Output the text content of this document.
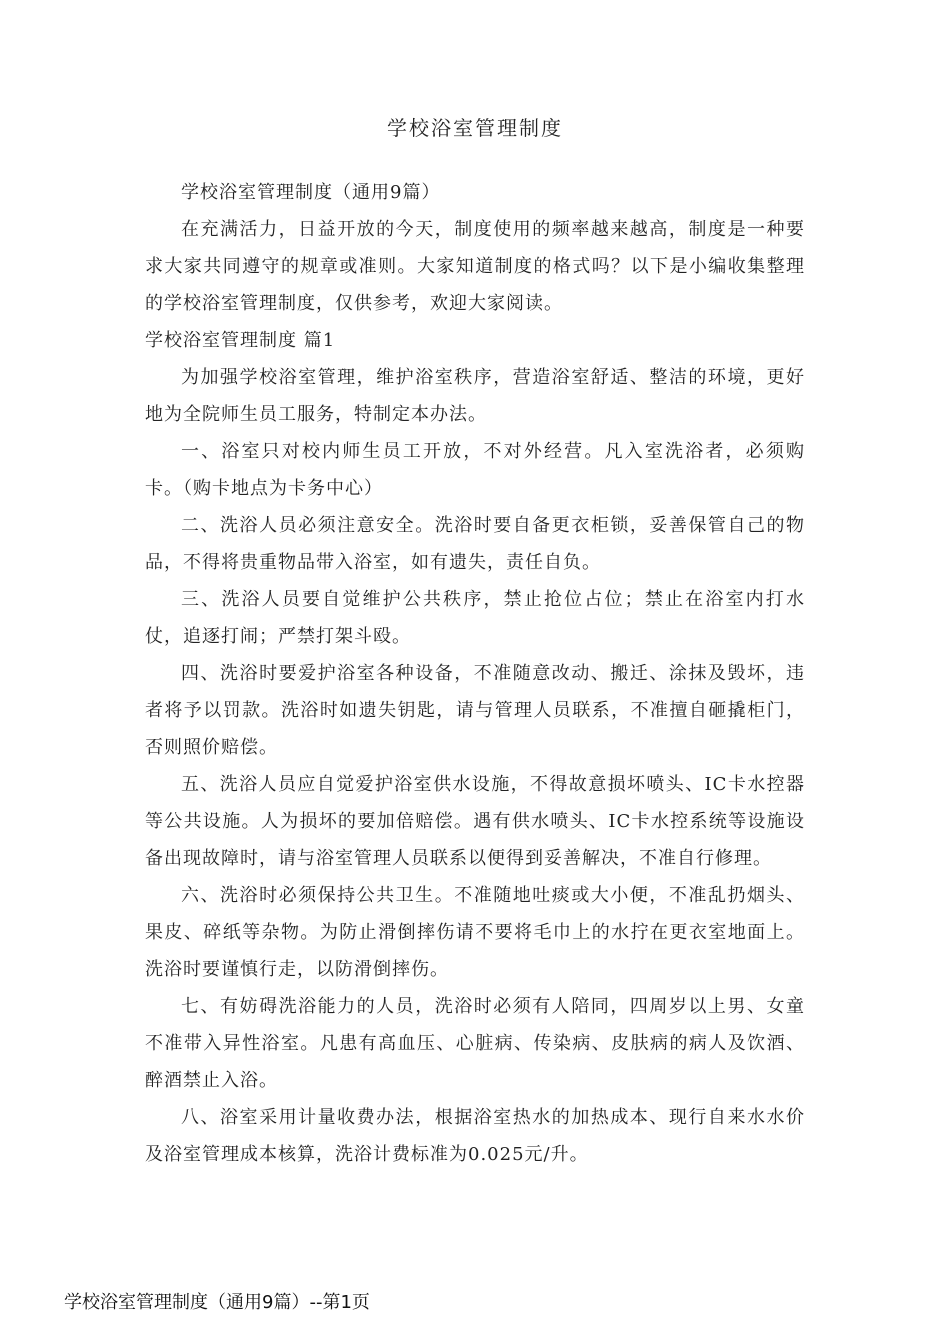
学校浴室管理制度

学校浴室管理制度（通用9篇）

在充满活力，日益开放的今天，制度使用的频率越来越高，制度是一种要求大家共同遵守的规章或准则。大家知道制度的格式吗？以下是小编收集整理的学校浴室管理制度，仅供参考，欢迎大家阅读。

学校浴室管理制度 篇1

为加强学校浴室管理，维护浴室秩序，营造浴室舒适、整洁的环境，更好地为全院师生员工服务，特制定本办法。

一、浴室只对校内师生员工开放，不对外经营。凡入室洗浴者，必须购卡。（购卡地点为卡务中心）

二、洗浴人员必须注意安全。洗浴时要自备更衣柜锁，妥善保管自己的物品，不得将贵重物品带入浴室，如有遗失，责任自负。

三、洗浴人员要自觉维护公共秩序，禁止抢位占位；禁止在浴室内打水仗，追逐打闹；严禁打架斗殴。

四、洗浴时要爱护浴室各种设备，不准随意改动、搬迁、涂抹及毁坏，违者将予以罚款。洗浴时如遗失钥匙，请与管理人员联系，不准擅自砸撬柜门，否则照价赔偿。

五、洗浴人员应自觉爱护浴室供水设施，不得故意损坏喷头、IC卡水控器等公共设施。人为损坏的要加倍赔偿。遇有供水喷头、IC卡水控系统等设施设备出现故障时，请与浴室管理人员联系以便得到妥善解决，不准自行修理。

六、洗浴时必须保持公共卫生。不准随地吐痰或大小便，不准乱扔烟头、果皮、碎纸等杂物。为防止滑倒摔伤请不要将毛巾上的水拧在更衣室地面上。洗浴时要谨慎行走，以防滑倒摔伤。

七、有妨碍洗浴能力的人员，洗浴时必须有人陪同，四周岁以上男、女童不准带入异性浴室。凡患有高血压、心脏病、传染病、皮肤病的病人及饮酒、醉酒禁止入浴。

八、浴室采用计量收费办法，根据浴室热水的加热成本、现行自来水水价及浴室管理成本核算，洗浴计费标准为0.025元/升。

学校浴室管理制度（通用9篇）--第1页
